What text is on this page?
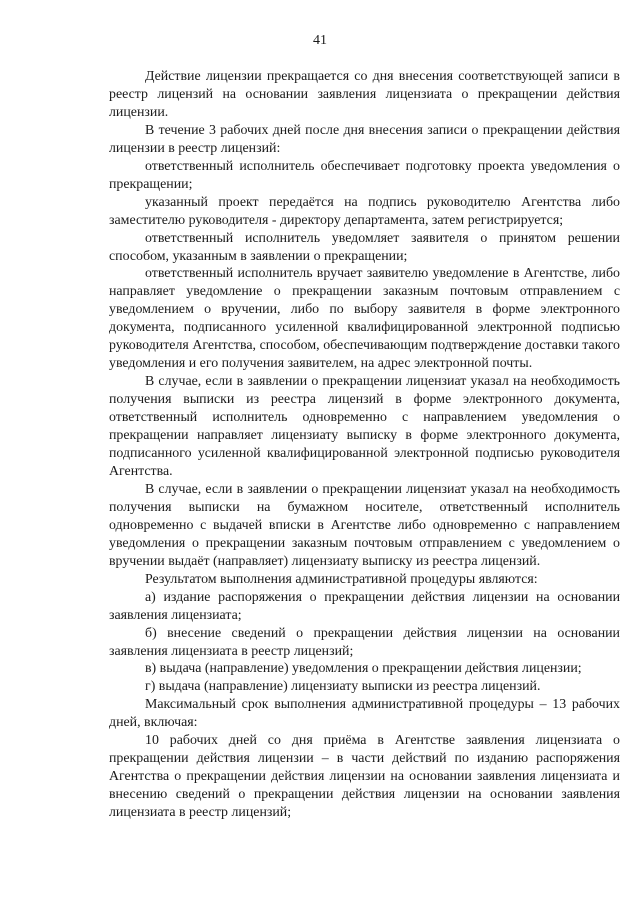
41

Действие лицензии прекращается со дня внесения соответствующей записи в реестр лицензий на основании заявления лицензиата о прекращении действия лицензии.

В течение 3 рабочих дней после дня внесения записи о прекращении действия лицензии в реестр лицензий:

ответственный исполнитель обеспечивает подготовку проекта уведомления о прекращении;

указанный проект передаётся на подпись руководителю Агентства либо заместителю руководителя - директору департамента, затем регистрируется;

ответственный исполнитель уведомляет заявителя о принятом решении способом, указанным в заявлении о прекращении;

ответственный исполнитель вручает заявителю уведомление в Агентстве, либо направляет уведомление о прекращении заказным почтовым отправлением с уведомлением о вручении, либо по выбору заявителя в форме электронного документа, подписанного усиленной квалифицированной электронной подписью руководителя Агентства, способом, обеспечивающим подтверждение доставки такого уведомления и его получения заявителем, на адрес электронной почты.

В случае, если в заявлении о прекращении лицензиат указал на необходимость получения выписки из реестра лицензий в форме электронного документа, ответственный исполнитель одновременно с направлением уведомления о прекращении направляет лицензиату выписку в форме электронного документа, подписанного усиленной квалифицированной электронной подписью руководителя Агентства.

В случае, если в заявлении о прекращении лицензиат указал на необходимость получения выписки на бумажном носителе, ответственный исполнитель одновременно с выдачей вписки в Агентстве либо одновременно с направлением уведомления о прекращении заказным почтовым отправлением с уведомлением о вручении выдаёт (направляет) лицензиату выписку из реестра лицензий.

Результатом выполнения административной процедуры являются:

а) издание распоряжения о прекращении действия лицензии на основании заявления лицензиата;

б) внесение сведений о прекращении действия лицензии на основании заявления лицензиата в реестр лицензий;

в) выдача (направление) уведомления о прекращении действия лицензии;

г) выдача (направление) лицензиату выписки из реестра лицензий.

Максимальный срок выполнения административной процедуры – 13 рабочих дней, включая:

10 рабочих дней со дня приёма в Агентстве заявления лицензиата о прекращении действия лицензии – в части действий по изданию распоряжения Агентства о прекращении действия лицензии на основании заявления лицензиата и внесению сведений о прекращении действия лицензии на основании заявления лицензиата в реестр лицензий;
